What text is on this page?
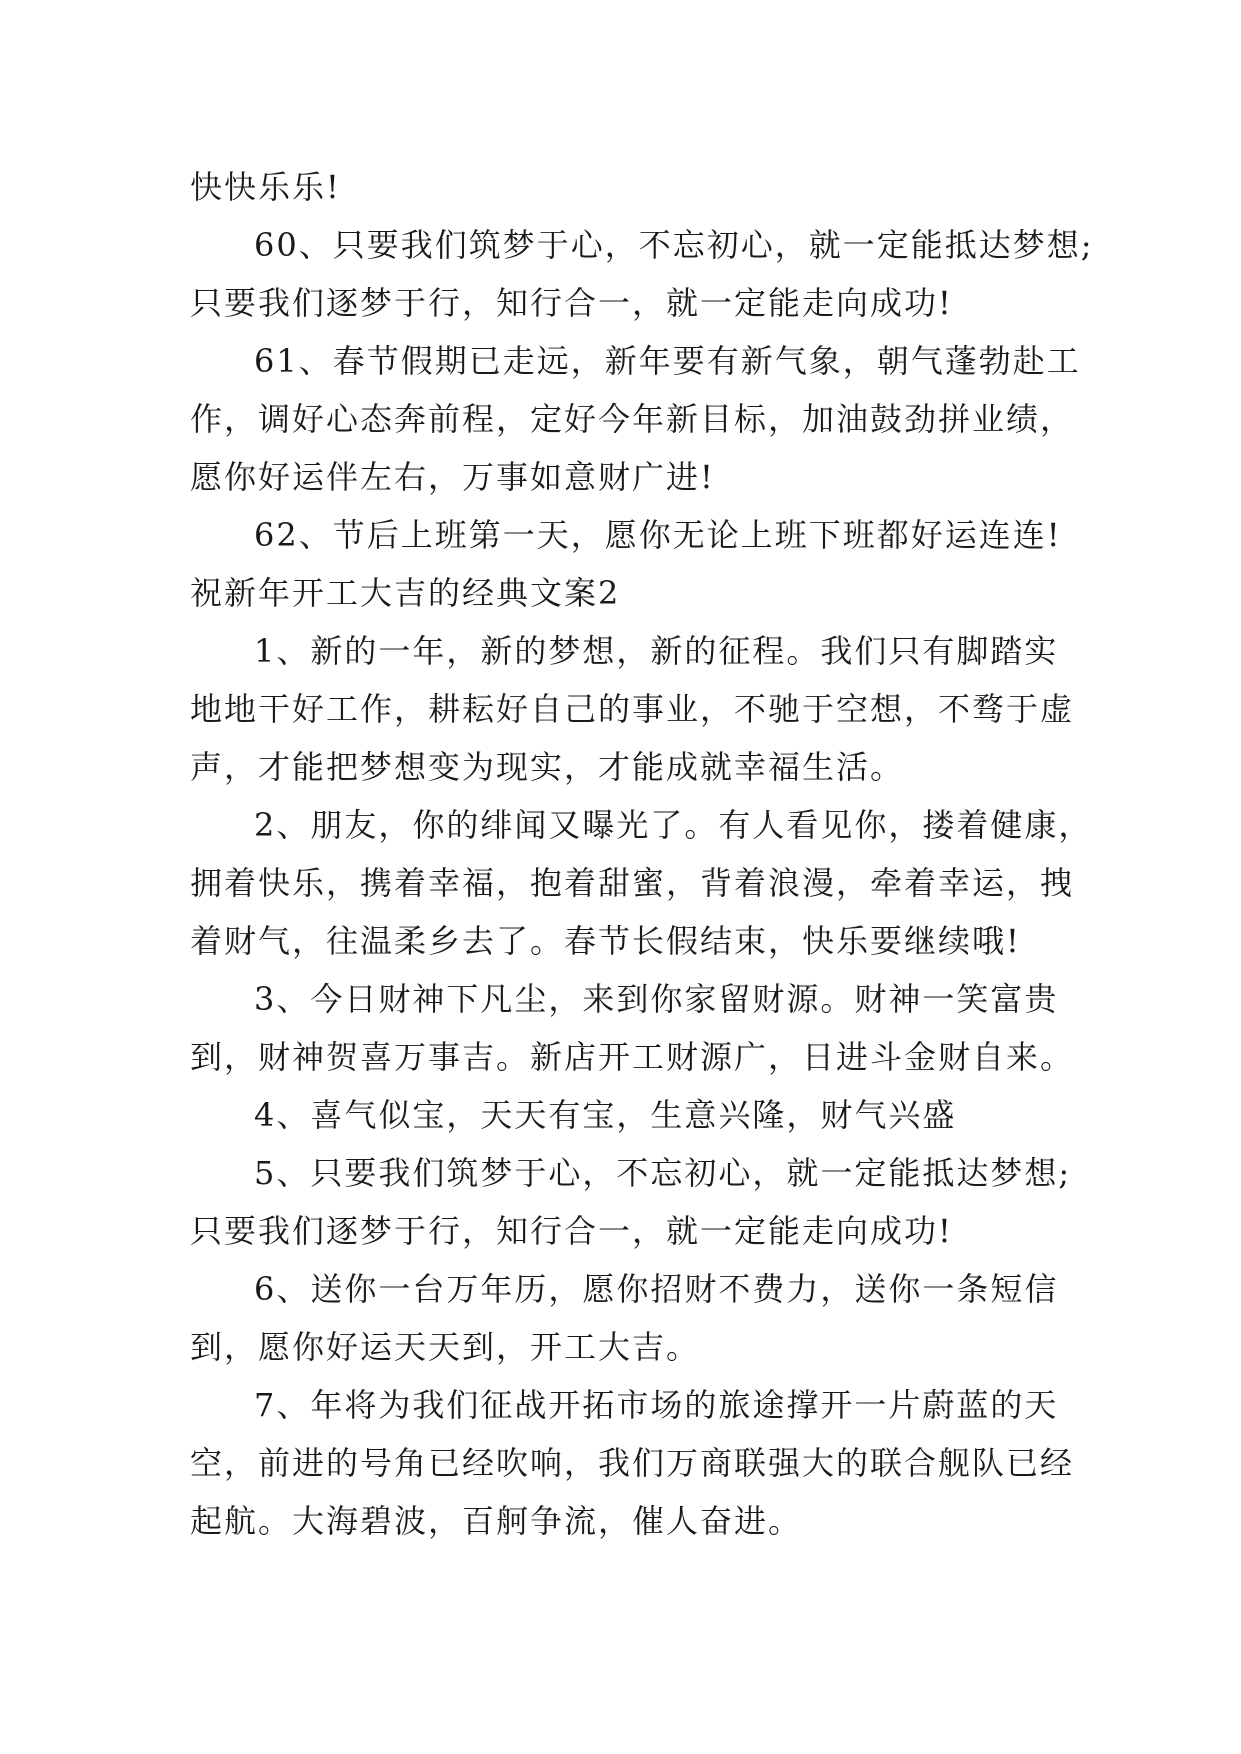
快快乐乐!
60、只要我们筑梦于心，不忘初心，就一定能抵达梦想;
只要我们逐梦于行，知行合一，就一定能走向成功!
61、春节假期已走远，新年要有新气象，朝气蓬勃赴工
作，调好心态奔前程，定好今年新目标，加油鼓劲拼业绩，
愿你好运伴左右，万事如意财广进!
62、节后上班第一天，愿你无论上班下班都好运连连!
祝新年开工大吉的经典文案2
1、新的一年，新的梦想，新的征程。我们只有脚踏实
地地干好工作，耕耘好自己的事业，不驰于空想，不骛于虚
声，才能把梦想变为现实，才能成就幸福生活。
2、朋友，你的绯闻又曝光了。有人看见你，搂着健康，
拥着快乐，携着幸福，抱着甜蜜，背着浪漫，牵着幸运，拽
着财气，往温柔乡去了。春节长假结束，快乐要继续哦!
3、今日财神下凡尘，来到你家留财源。财神一笑富贵
到，财神贺喜万事吉。新店开工财源广，日进斗金财自来。
4、喜气似宝，天天有宝，生意兴隆，财气兴盛
5、只要我们筑梦于心，不忘初心，就一定能抵达梦想;
只要我们逐梦于行，知行合一，就一定能走向成功!
6、送你一台万年历，愿你招财不费力，送你一条短信
到，愿你好运天天到，开工大吉。
7、年将为我们征战开拓市场的旅途撑开一片蔚蓝的天
空，前进的号角已经吹响，我们万商联强大的联合舰队已经
起航。大海碧波，百舸争流，催人奋进。
